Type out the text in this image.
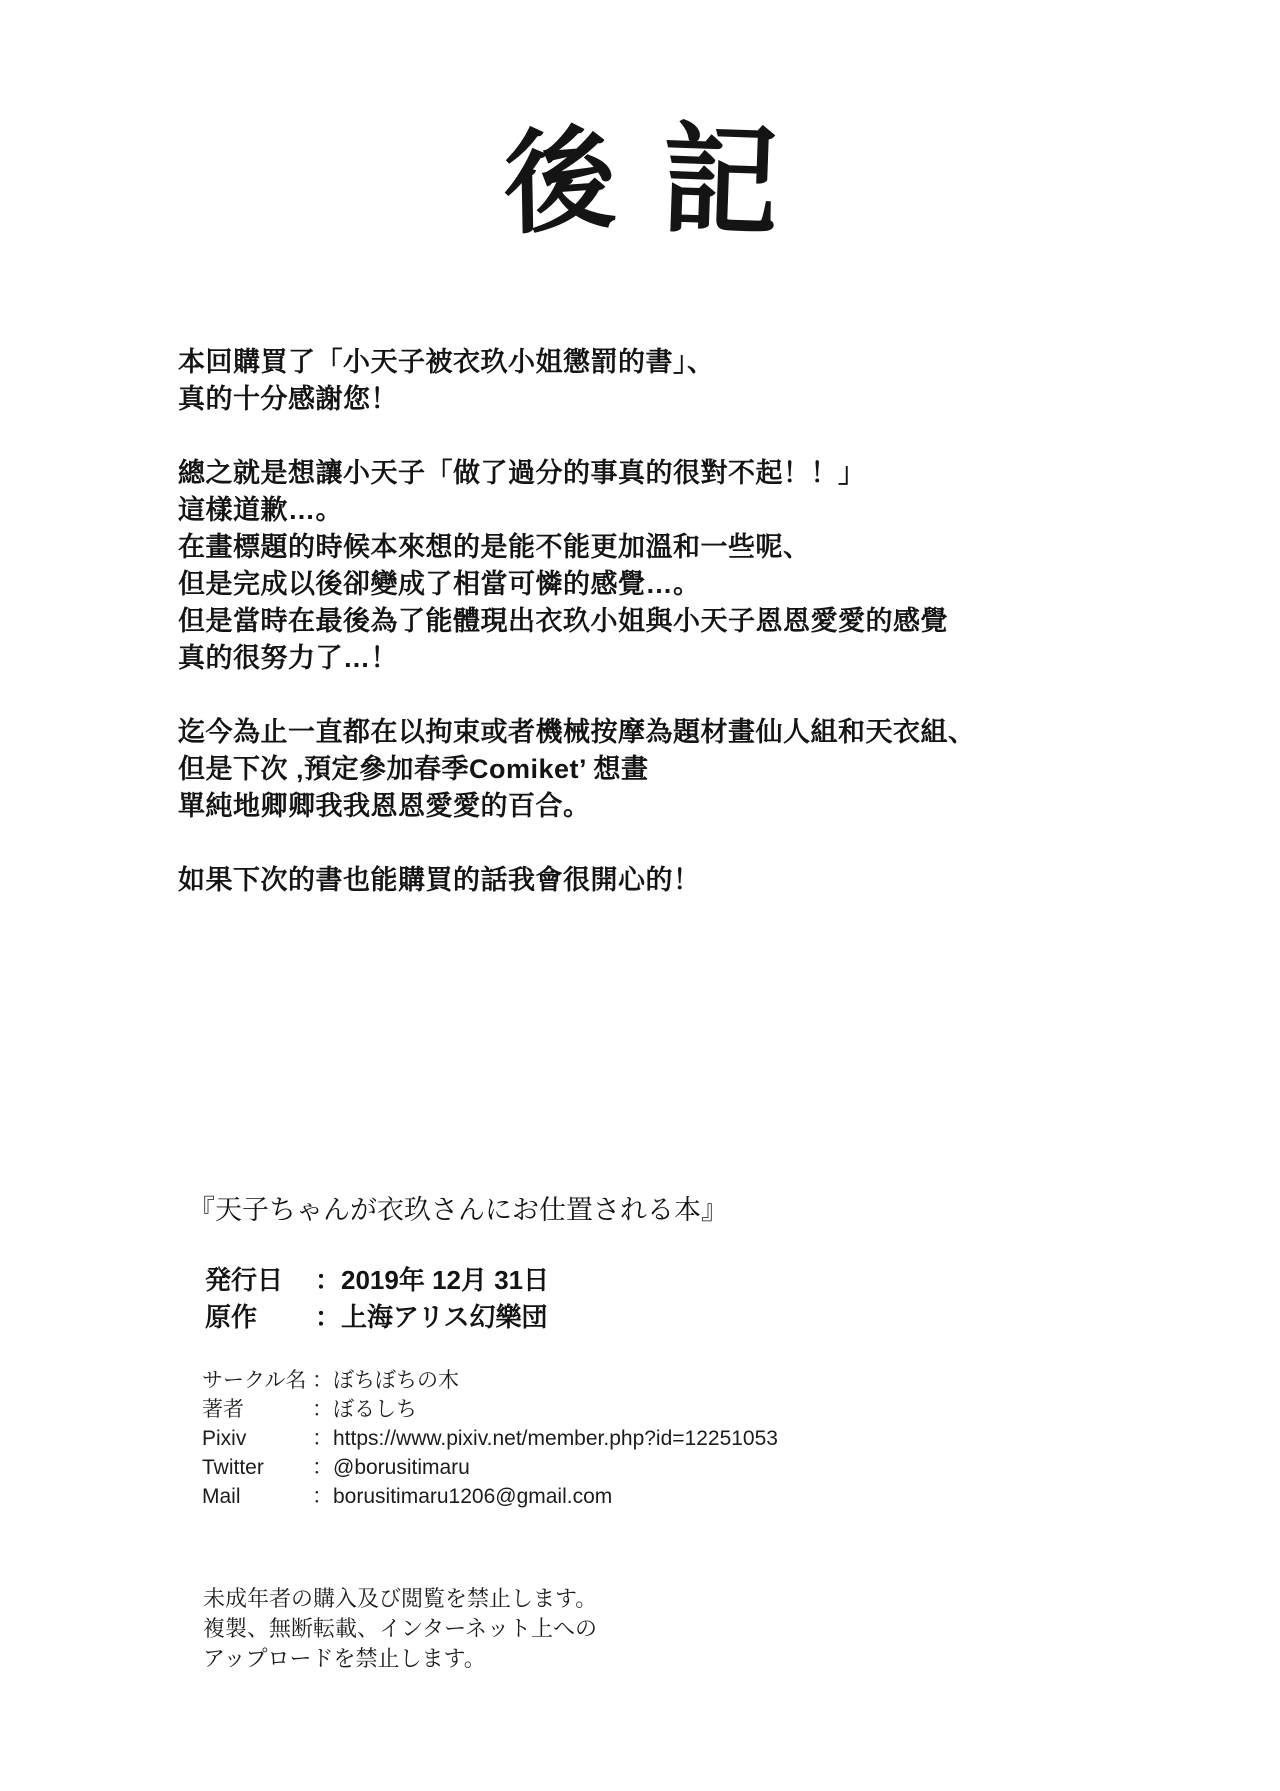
後 記
本回購買了「小天子被衣玖小姐懲罰的書」、
真的十分感謝您！
總之就是想讓小天子「做了過分的事真的很對不起！！」
這樣道歉…。
在畫標題的時候本來想的是能不能更加溫和一些呢、
但是完成以後卻變成了相當可憐的感覺…。
但是當時在最後為了能體現出衣玖小姐與小天子恩恩愛愛的感覺
真的很努力了…！
迄今為止一直都在以拘束或者機械按摩為題材畫仙人組和天衣組、
但是下次 ‚預定參加春季Comiket’ 想畫
單純地卿卿我我恩恩愛愛的百合。
如果下次的書也能購買的話我會很開心的！
『天子ちゃんが衣玖さんにお仕置される本』
発行日	：2019年 12月 31日
原作	：上海アリス幻樂団
サークル名 ：ぼちぼちの木
著者	：ぼるしち
Pixiv	：https://www.pixiv.net/member.php?id=12251053
Twitter	：@borusitimaru
Mail	：borusitimaru1206@gmail.com
未成年者の購入及び閲覧を禁止します。
複製、無断転載、インターネット上への
アップロードを禁止します。
